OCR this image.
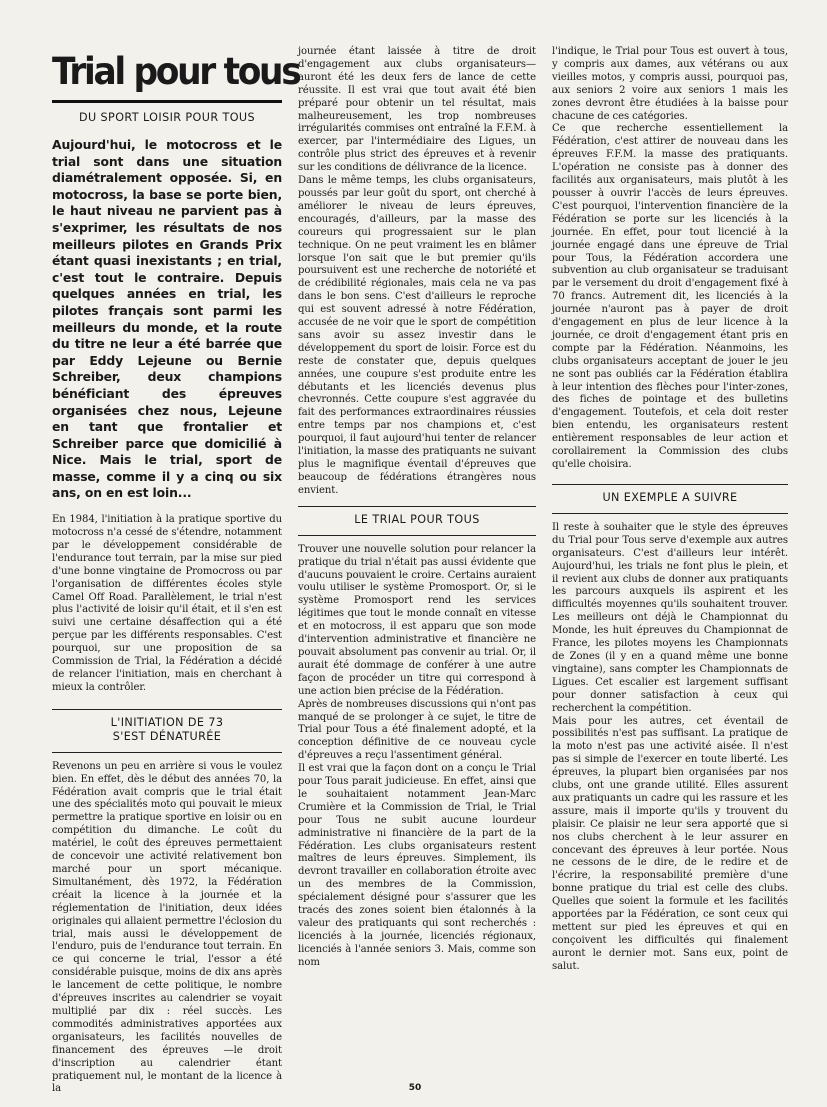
Trial pour tous
DU SPORT LOISIR POUR TOUS

Aujourd'hui, le motocross et le trial sont dans une situation diamétralement opposée. Si, en motocross, la base se porte bien, le haut niveau ne parvient pas à s'exprimer, les résultats de nos meilleurs pilotes en Grands Prix étant quasi inexistants ; en trial, c'est tout le contraire. Depuis quelques années en trial, les pilotes français sont parmi les meilleurs du monde, et la route du titre ne leur a été barrée que par Eddy Lejeune ou Bernie Schreiber, deux champions bénéficiant des épreuves organisées chez nous, Lejeune en tant que frontalier et Schreiber parce que domicilié à Nice. Mais le trial, sport de masse, comme il y a cinq ou six ans, on en est loin...

En 1984, l'initiation à la pratique sportive du motocross n'a cessé de s'étendre, notamment par le développement considérable de l'endurance tout terrain, par la mise sur pied d'une bonne vingtaine de Promocross ou par l'organisation de différentes écoles style Camel Off Road. Parallèlement, le trial n'est plus l'activité de loisir qu'il était, et il s'en est suivi une certaine désaffection qui a été perçue par les différents responsables. C'est pourquoi, sur une proposition de sa Commission de Trial, la Fédération a décidé de relancer l'initiation, mais en cherchant à mieux la contrôler.

L'INITIATION DE 73
S'EST DÉNATURÉE

Revenons un peu en arrière si vous le voulez bien. En effet, dès le début des années 70, la Fédération avait compris que le trial était une des spécialités moto qui pouvait le mieux permettre la pratique sportive en loisir ou en compétition du dimanche. Le coût du matériel, le coût des épreuves permettaient de concevoir une activité relativement bon marché pour un sport mécanique. Simultanément, dès 1972, la Fédération créait la licence à la journée et la réglementation de l'initiation, deux idées originales qui allaient permettre l'éclosion du trial, mais aussi le développement de l'enduro, puis de l'endurance tout terrain. En ce qui concerne le trial, l'essor a été considérable puisque, moins de dix ans après le lancement de cette politique, le nombre d'épreuves inscrites au calendrier se voyait multiplié par dix : réel succès. Les commodités administratives apportées aux organisateurs, les facilités nouvelles de financement des épreuves —le droit d'inscription au calendrier étant pratiquement nul, le montant de la licence à la

journée étant laissée à titre de droit d'engagement aux clubs organisateurs— auront été les deux fers de lance de cette réussite. Il est vrai que tout avait été bien préparé pour obtenir un tel résultat, mais malheureusement, les trop nombreuses irrégularités commises ont entraîné la F.F.M. à exercer, par l'intermédiaire des Ligues, un contrôle plus strict des épreuves et à revenir sur les conditions de délivrance de la licence.

Dans le même temps, les clubs organisateurs, poussés par leur goût du sport, ont cherché à améliorer le niveau de leurs épreuves, encouragés, d'ailleurs, par la masse des coureurs qui progressaient sur le plan technique. On ne peut vraiment les en blâmer lorsque l'on sait que le but premier qu'ils poursuivent est une recherche de notoriété et de crédibilité régionales, mais cela ne va pas dans le bon sens. C'est d'ailleurs le reproche qui est souvent adressé à notre Fédération, accusée de ne voir que le sport de compétition sans avoir su assez investir dans le développement du sport de loisir. Force est du reste de constater que, depuis quelques années, une coupure s'est produite entre les débutants et les licenciés devenus plus chevronnés. Cette coupure s'est aggravée du fait des performances extraordinaires réussies entre temps par nos champions et, c'est pourquoi, il faut aujourd'hui tenter de relancer l'initiation, la masse des pratiquants ne suivant plus le magnifique éventail d'épreuves que beaucoup de fédérations étrangères nous envient.

LE TRIAL POUR TOUS

Trouver une nouvelle solution pour relancer la pratique du trial n'était pas aussi évidente que d'aucuns pouvaient le croire. Certains auraient voulu utiliser le système Promosport. Or, si le système Promosport rend les services légitimes que tout le monde connaît en vitesse et en motocross, il est apparu que son mode d'intervention administrative et financière ne pouvait absolument pas convenir au trial. Or, il aurait été dommage de conférer à une autre façon de procéder un titre qui correspond à une action bien précise de la Fédération.

Après de nombreuses discussions qui n'ont pas manqué de se prolonger à ce sujet, le titre de Trial pour Tous a été finalement adopté, et la conception définitive de ce nouveau cycle d'épreuves a reçu l'assentiment général.

Il est vrai que la façon dont on a conçu le Trial pour Tous parait judicieuse. En effet, ainsi que le souhaitaient notamment Jean-Marc Crumière et la Commission de Trial, le Trial pour Tous ne subit aucune lourdeur administrative ni financière de la part de la Fédération. Les clubs organisateurs restent maîtres de leurs épreuves. Simplement, ils devront travailler en collaboration étroite avec un des membres de la Commission, spécialement désigné pour s'assurer que les tracés des zones soient bien étalonnés à la valeur des pratiquants qui sont recherchés : licenciés à la journée, licenciés régionaux, licenciés à l'année seniors 3. Mais, comme son nom

l'indique, le Trial pour Tous est ouvert à tous, y compris aux dames, aux vétérans ou aux vieilles motos, y compris aussi, pourquoi pas, aux seniors 2 voire aux seniors 1 mais les zones devront être étudiées à la baisse pour chacune de ces catégories.

Ce que recherche essentiellement la Fédération, c'est attirer de nouveau dans les épreuves F.F.M. la masse des pratiquants. L'opération ne consiste pas à donner des facilités aux organisateurs, mais plutôt à les pousser à ouvrir l'accès de leurs épreuves. C'est pourquoi, l'intervention financière de la Fédération se porte sur les licenciés à la journée. En effet, pour tout licencié à la journée engagé dans une épreuve de Trial pour Tous, la Fédération accordera une subvention au club organisateur se traduisant par le versement du droit d'engagement fixé à 70 francs. Autrement dit, les licenciés à la journée n'auront pas à payer de droit d'engagement en plus de leur licence à la journée, ce droit d'engagement étant pris en compte par la Fédération. Néanmoins, les clubs organisateurs acceptant de jouer le jeu ne sont pas oubliés car la Fédération établira à leur intention des flèches pour l'inter-zones, des fiches de pointage et des bulletins d'engagement. Toutefois, et cela doit rester bien entendu, les organisateurs restent entièrement responsables de leur action et corollairement la Commission des clubs qu'elle choisira.

UN EXEMPLE A SUIVRE

Il reste à souhaiter que le style des épreuves du Trial pour Tous serve d'exemple aux autres organisateurs. C'est d'ailleurs leur intérêt. Aujourd'hui, les trials ne font plus le plein, et il revient aux clubs de donner aux pratiquants les parcours auxquels ils aspirent et les difficultés moyennes qu'ils souhaitent trouver. Les meilleurs ont déjà le Championnat du Monde, les huit épreuves du Championnat de France, les pilotes moyens les Championnats de Zones (il y en a quand même une bonne vingtaine), sans compter les Championnats de Ligues. Cet escalier est largement suffisant pour donner satisfaction à ceux qui recherchent la compétition.

Mais pour les autres, cet éventail de possibilités n'est pas suffisant. La pratique de la moto n'est pas une activité aisée. Il n'est pas si simple de l'exercer en toute liberté. Les épreuves, la plupart bien organisées par nos clubs, ont une grande utilité. Elles assurent aux pratiquants un cadre qui les rassure et les assure, mais il importe qu'ils y trouvent du plaisir. Ce plaisir ne leur sera apporté que si nos clubs cherchent à le leur assurer en concevant des épreuves à leur portée. Nous ne cessons de le dire, de le redire et de l'écrire, la responsabilité première d'une bonne pratique du trial est celle des clubs. Quelles que soient la formule et les facilités apportées par la Fédération, ce sont ceux qui mettent sur pied les épreuves et qui en conçoivent les difficultés qui finalement auront le dernier mot. Sans eux, point de salut.

50
